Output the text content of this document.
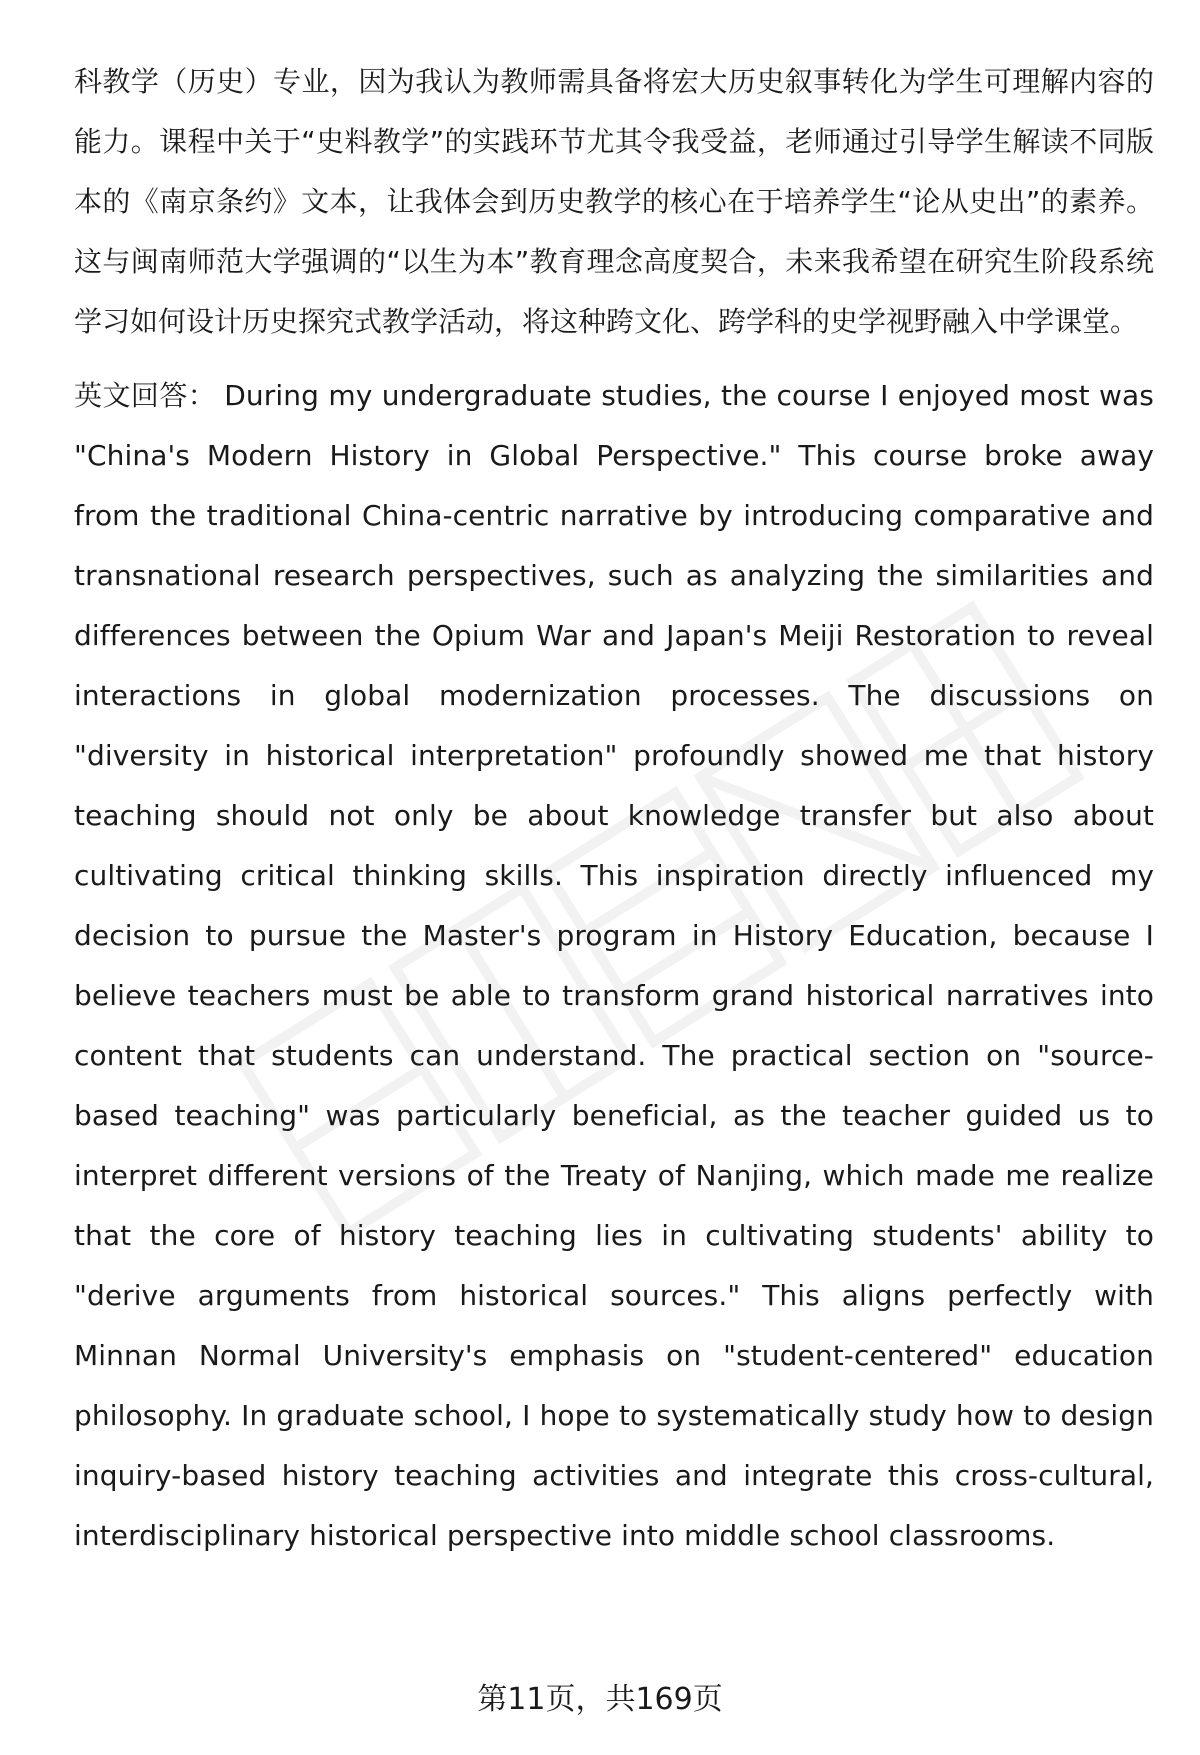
科教学（历史）专业，因为我认为教师需具备将宏大历史叙事转化为学生可理解内容的能力。课程中关于“史料教学”的实践环节尤其令我受益，老师通过引导学生解读不同版本的《南京条约》文本，让我体会到历史教学的核心在于培养学生“论从史出”的素养。这与闽南师范大学强调的“以生为本”教育理念高度契合，未来我希望在研究生阶段系统学习如何设计历史探究式教学活动，将这种跨文化、跨学科的史学视野融入中学课堂。

英文回答： During my undergraduate studies, the course I enjoyed most was "China's Modern History in Global Perspective." This course broke away from the traditional China-centric narrative by introducing comparative and transnational research perspectives, such as analyzing the similarities and differences between the Opium War and Japan's Meiji Restoration to reveal interactions in global modernization processes. The discussions on "diversity in historical interpretation" profoundly showed me that history teaching should not only be about knowledge transfer but also about cultivating critical thinking skills. This inspiration directly influenced my decision to pursue the Master's program in History Education, because I believe teachers must be able to transform grand historical narratives into content that students can understand. The practical section on "source-based teaching" was particularly beneficial, as the teacher guided us to interpret different versions of the Treaty of Nanjing, which made me realize that the core of history teaching lies in cultivating students' ability to "derive arguments from historical sources." This aligns perfectly with Minnan Normal University's emphasis on "student-centered" education philosophy. In graduate school, I hope to systematically study how to design inquiry-based history teaching activities and integrate this cross-cultural, interdisciplinary historical perspective into middle school classrooms.

第11页，共169页
